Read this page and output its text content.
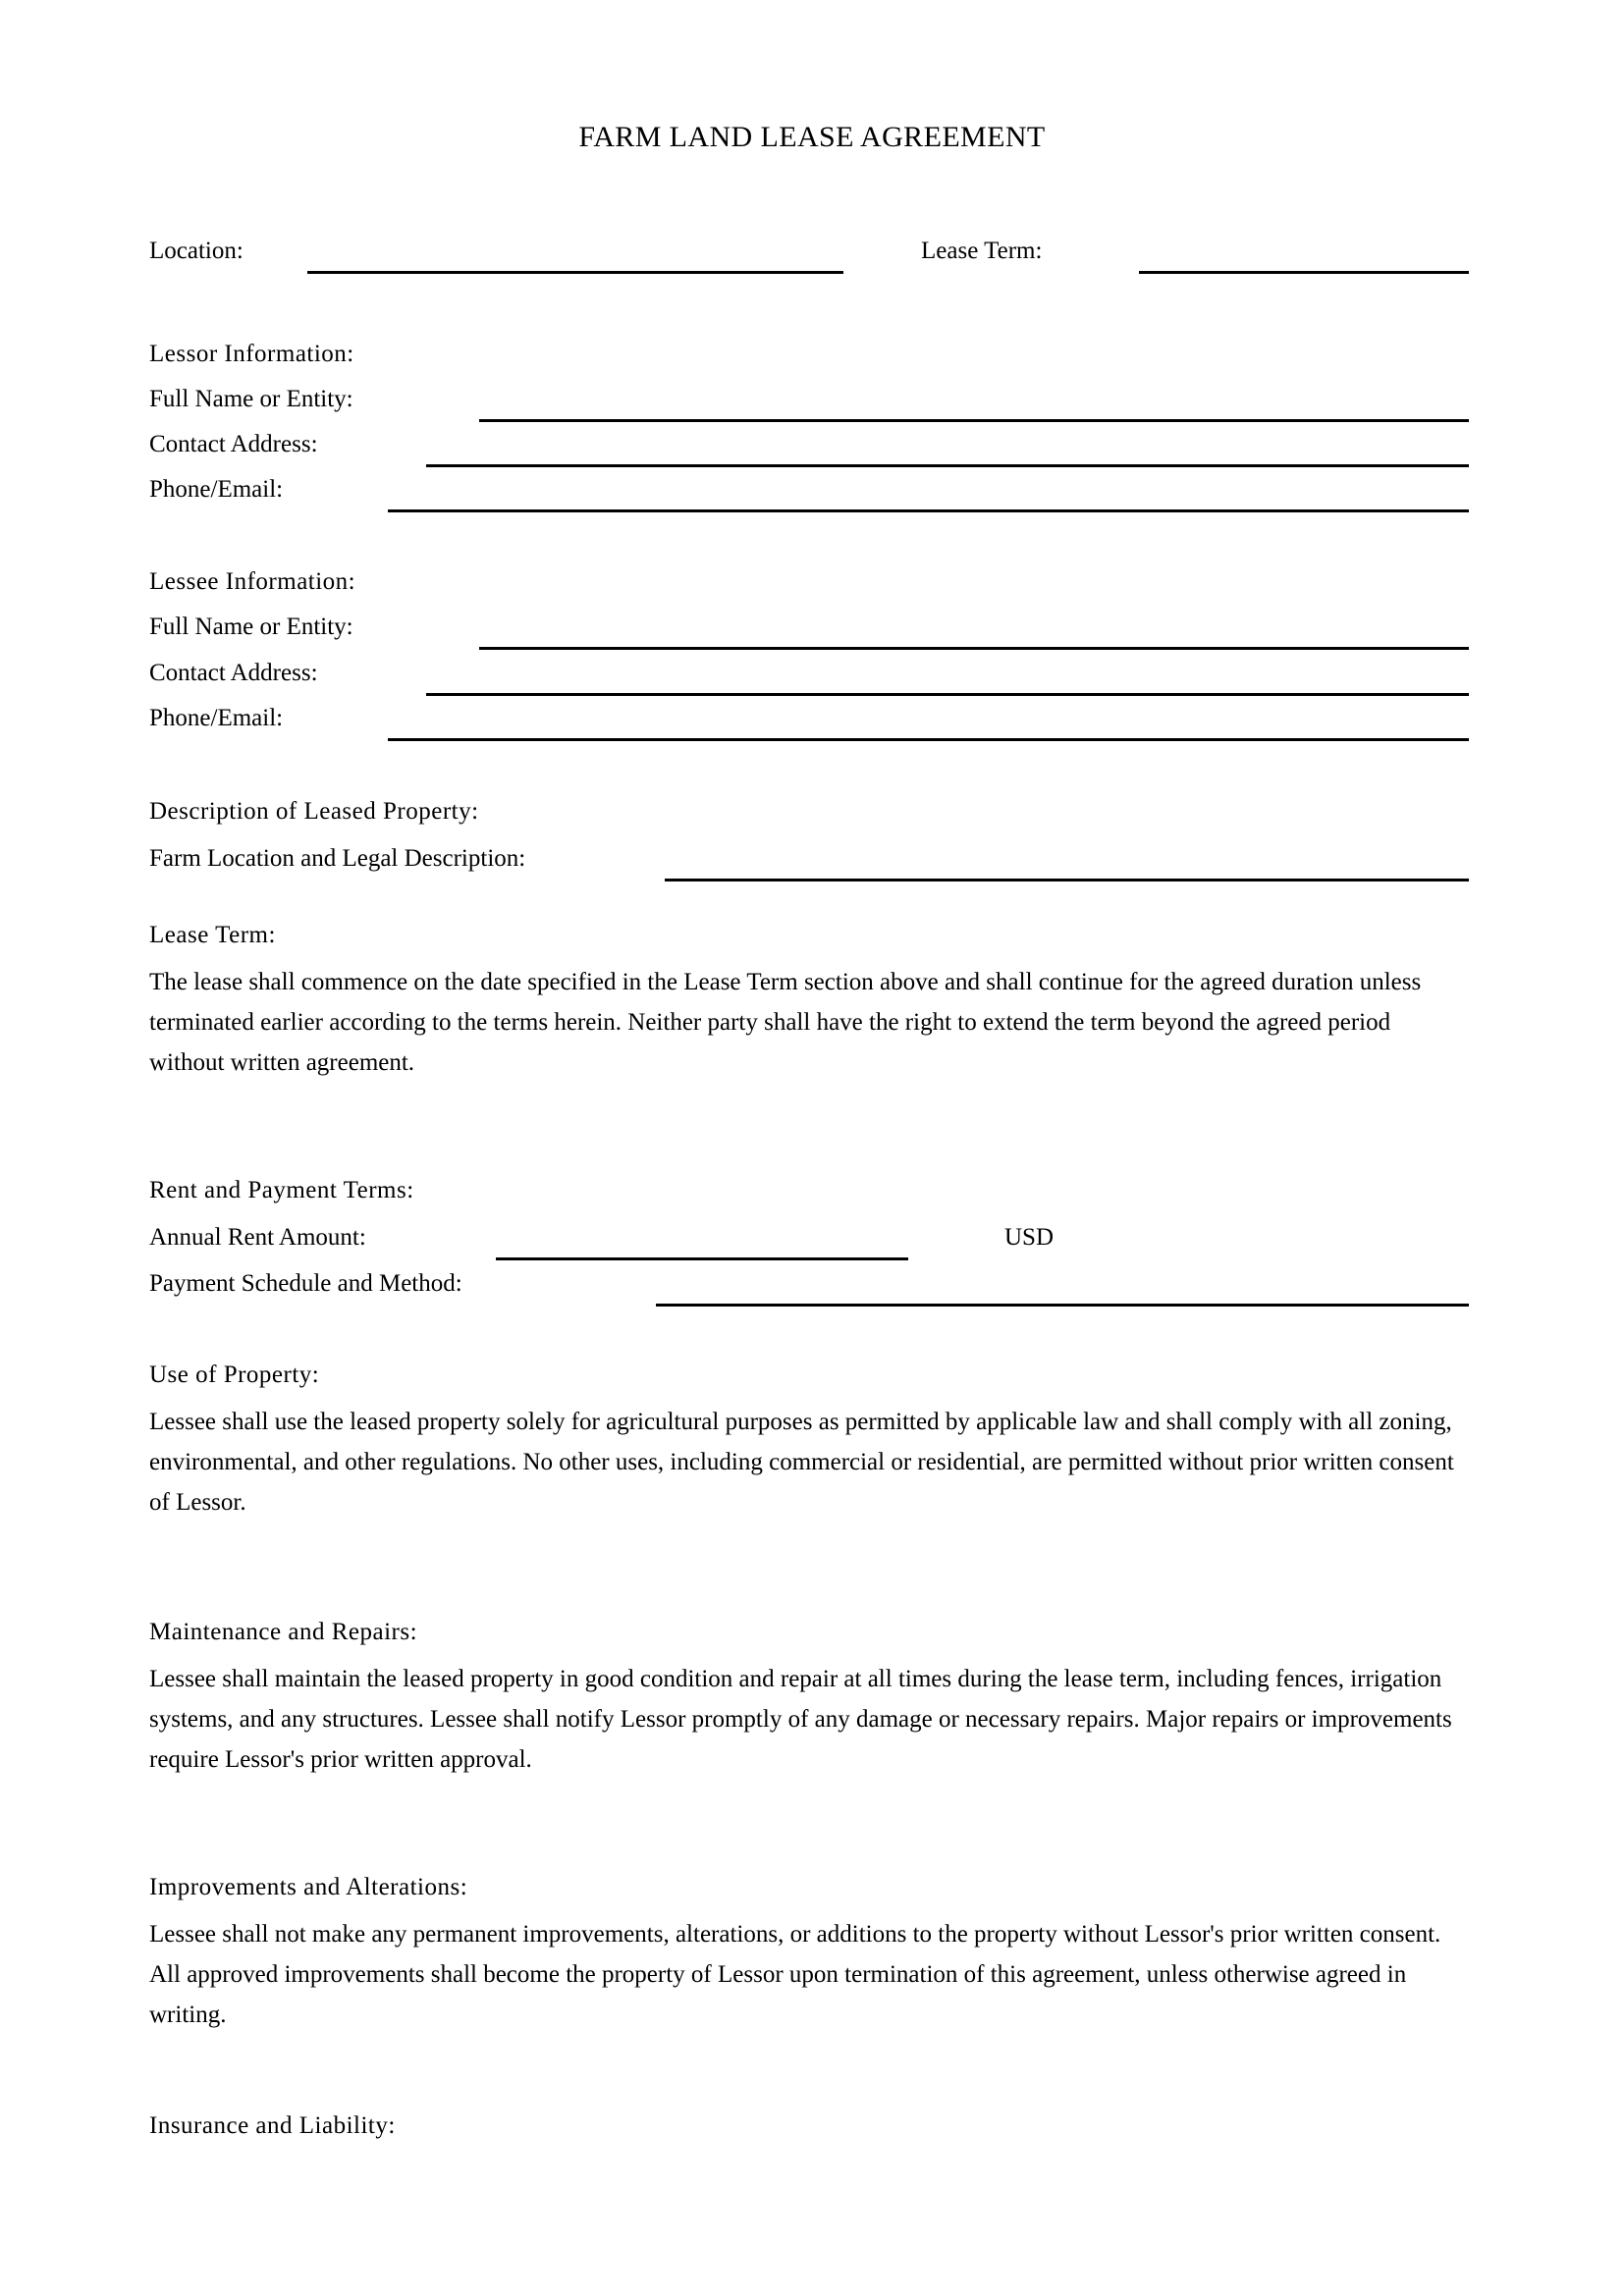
FARM LAND LEASE AGREEMENT
Location:	Lease Term:
Lessor Information:
Full Name or Entity:
Contact Address:
Phone/Email:
Lessee Information:
Full Name or Entity:
Contact Address:
Phone/Email:
Description of Leased Property:
Farm Location and Legal Description:
Lease Term:
The lease shall commence on the date specified in the Lease Term section above and shall continue for the agreed duration unless terminated earlier according to the terms herein. Neither party shall have the right to extend the term beyond the agreed period without written agreement.
Rent and Payment Terms:
Annual Rent Amount:	USD
Payment Schedule and Method:
Use of Property:
Lessee shall use the leased property solely for agricultural purposes as permitted by applicable law and shall comply with all zoning, environmental, and other regulations. No other uses, including commercial or residential, are permitted without prior written consent of Lessor.
Maintenance and Repairs:
Lessee shall maintain the leased property in good condition and repair at all times during the lease term, including fences, irrigation systems, and any structures. Lessee shall notify Lessor promptly of any damage or necessary repairs. Major repairs or improvements require Lessor's prior written approval.
Improvements and Alterations:
Lessee shall not make any permanent improvements, alterations, or additions to the property without Lessor's prior written consent. All approved improvements shall become the property of Lessor upon termination of this agreement, unless otherwise agreed in writing.
Insurance and Liability:
